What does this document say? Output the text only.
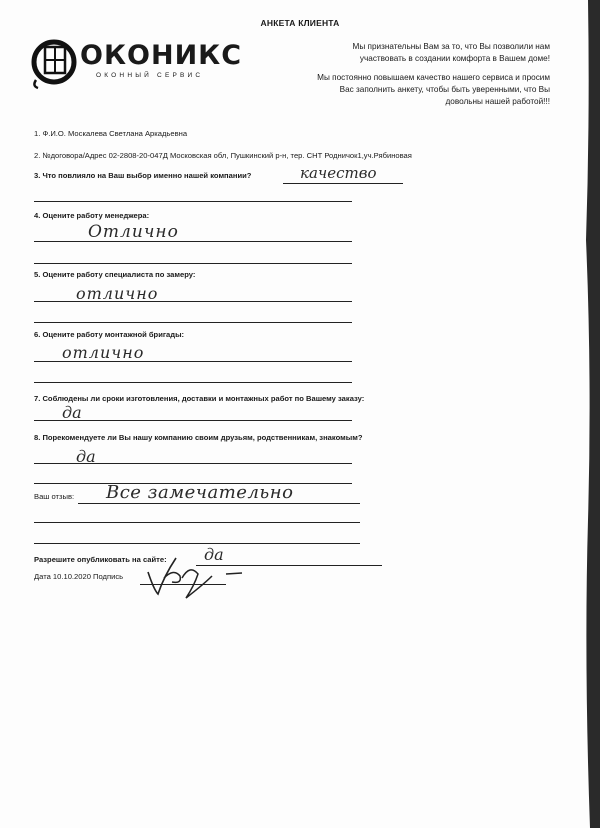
АНКЕТА КЛИЕНТА
ОКОНИКС
ОКОННЫЙ СЕРВИС
Мы признательны Вам за то, что Вы позволили нам
участвовать в создании комфорта в Вашем доме!
Мы постоянно повышаем качество нашего сервиса и просим
Вас заполнить анкету, чтобы быть уверенными, что Вы
довольны нашей работой!!!
1. Ф.И.О. Москалева Светлана Аркадьевна
2. №договора/Адрес 02-2808-20-047Д Московская обл, Пушкинский р-н, тер. СНТ Родничок1,уч.Рябиновая
3. Что повлияло на Ваш выбор именно нашей компании?	качество
4. Оцените работу менеджера:
Отлично
5. Оцените работу специалиста по замеру:
отлично
6. Оцените работу монтажной бригады:
отлично
7. Соблюдены ли сроки изготовления, доставки и монтажных работ по Вашему заказу:
да
8. Порекомендуете ли Вы нашу компанию своим друзьям, родственникам, знакомым?
да
Ваш отзыв: Все замечательно
Разрешите опубликовать на сайте: да
Дата 10.10.2020 Подпись
